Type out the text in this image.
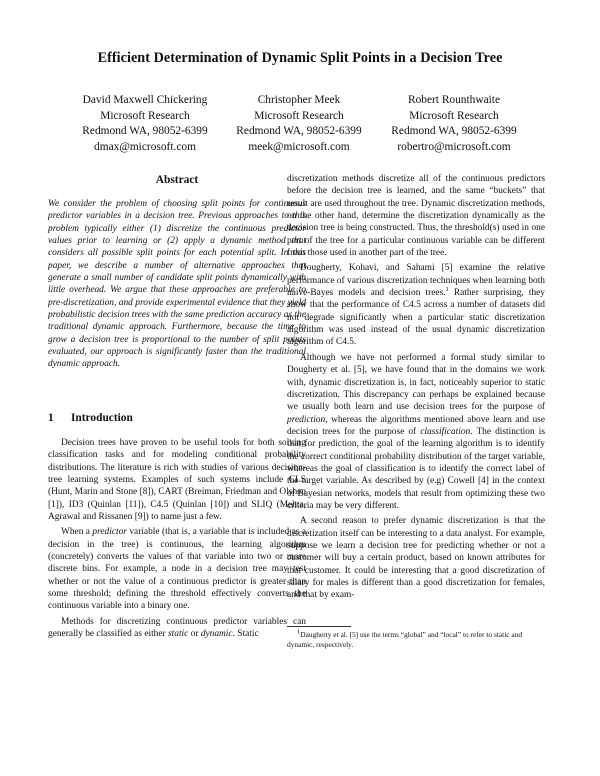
Efficient Determination of Dynamic Split Points in a Decision Tree
David Maxwell Chickering
Microsoft Research
Redmond WA, 98052-6399
dmax@microsoft.com
Christopher Meek
Microsoft Research
Redmond WA, 98052-6399
meek@microsoft.com
Robert Rounthwaite
Microsoft Research
Redmond WA, 98052-6399
robertro@microsoft.com
Abstract
We consider the problem of choosing split points for continuous predictor variables in a decision tree. Previous approaches to this problem typically either (1) discretize the continuous predictor values prior to learning or (2) apply a dynamic method that considers all possible split points for each potential split. In this paper, we describe a number of alternative approaches that generate a small number of candidate split points dynamically with little overhead. We argue that these approaches are preferable to pre-discretization, and provide experimental evidence that they yield probabilistic decision trees with the same prediction accuracy as the traditional dynamic approach. Furthermore, because the time to grow a decision tree is proportional to the number of split points evaluated, our approach is significantly faster than the traditional dynamic approach.
1 Introduction

Decision trees have proven to be useful tools for both solving classification tasks and for modeling conditional probability distributions. The literature is rich with studies of various decision-tree learning systems. Examples of such systems include CLS (Hunt, Marin and Stone [8]), CART (Breiman, Friedman and Olshen [1]), ID3 (Quinlan [11]), C4.5 (Quinlan [10]) and SLIQ (Mehta, Agrawal and Rissanen [9]) to name just a few.

When a predictor variable (that is, a variable that is included as a decision in the tree) is continuous, the learning algorithm (concretely) converts the values of that variable into two or more discrete bins. For example, a node in a decision tree may test whether or not the value of a continuous predictor is greater than some threshold; defining the threshold effectively converts the continuous variable into a binary one.

Methods for discretizing continuous predictor variables can generally be classified as either static or dynamic. Static

discretization methods discretize all of the continuous predictors before the decision tree is learned, and the same “buckets” that result are used throughout the tree. Dynamic discretization methods, on the other hand, determine the discretization dynamically as the decision tree is being constructed. Thus, the threshold(s) used in one part of the tree for a particular continuous variable can be different from those used in another part of the tree.

Dougherty, Kohavi, and Sahami [5] examine the relative performance of various discretization techniques when learning both naive-Bayes models and decision trees.$^1$ Rather surprising, they show that the performance of C4.5 across a number of datasets did not degrade significantly when a particular static discretization algorithm was used instead of the usual dynamic discretization algorithm of C4.5.

Although we have not performed a formal study similar to Dougherty et al. [5], we have found that in the domains we work with, dynamic discretization is, in fact, noticeably superior to static discretization. This discrepancy can perhaps be explained because we usually both learn and use decision trees for the purpose of prediction, whereas the algorithms mentioned above learn and use decision trees for the purpose of classification. The distinction is that for prediction, the goal of the learning algorithm is to identify the correct conditional probability distribution of the target variable, whereas the goal of classification is to identify the correct label of the target variable. As described by (e.g) Cowell [4] in the context of Bayesian networks, models that result from optimizing these two criteria may be very different.

A second reason to prefer dynamic discretization is that the discretization itself can be interesting to a data analyst. For example, suppose we learn a decision tree for predicting whether or not a customer will buy a certain product, based on known attributes for that customer. It could be interesting that a good discretization of salary for males is different than a good discretization for females, and that by exam-

$^1$Daugherty et al. [5] use the terms “global” and “local” to refer to static and dynamic, respectively.
